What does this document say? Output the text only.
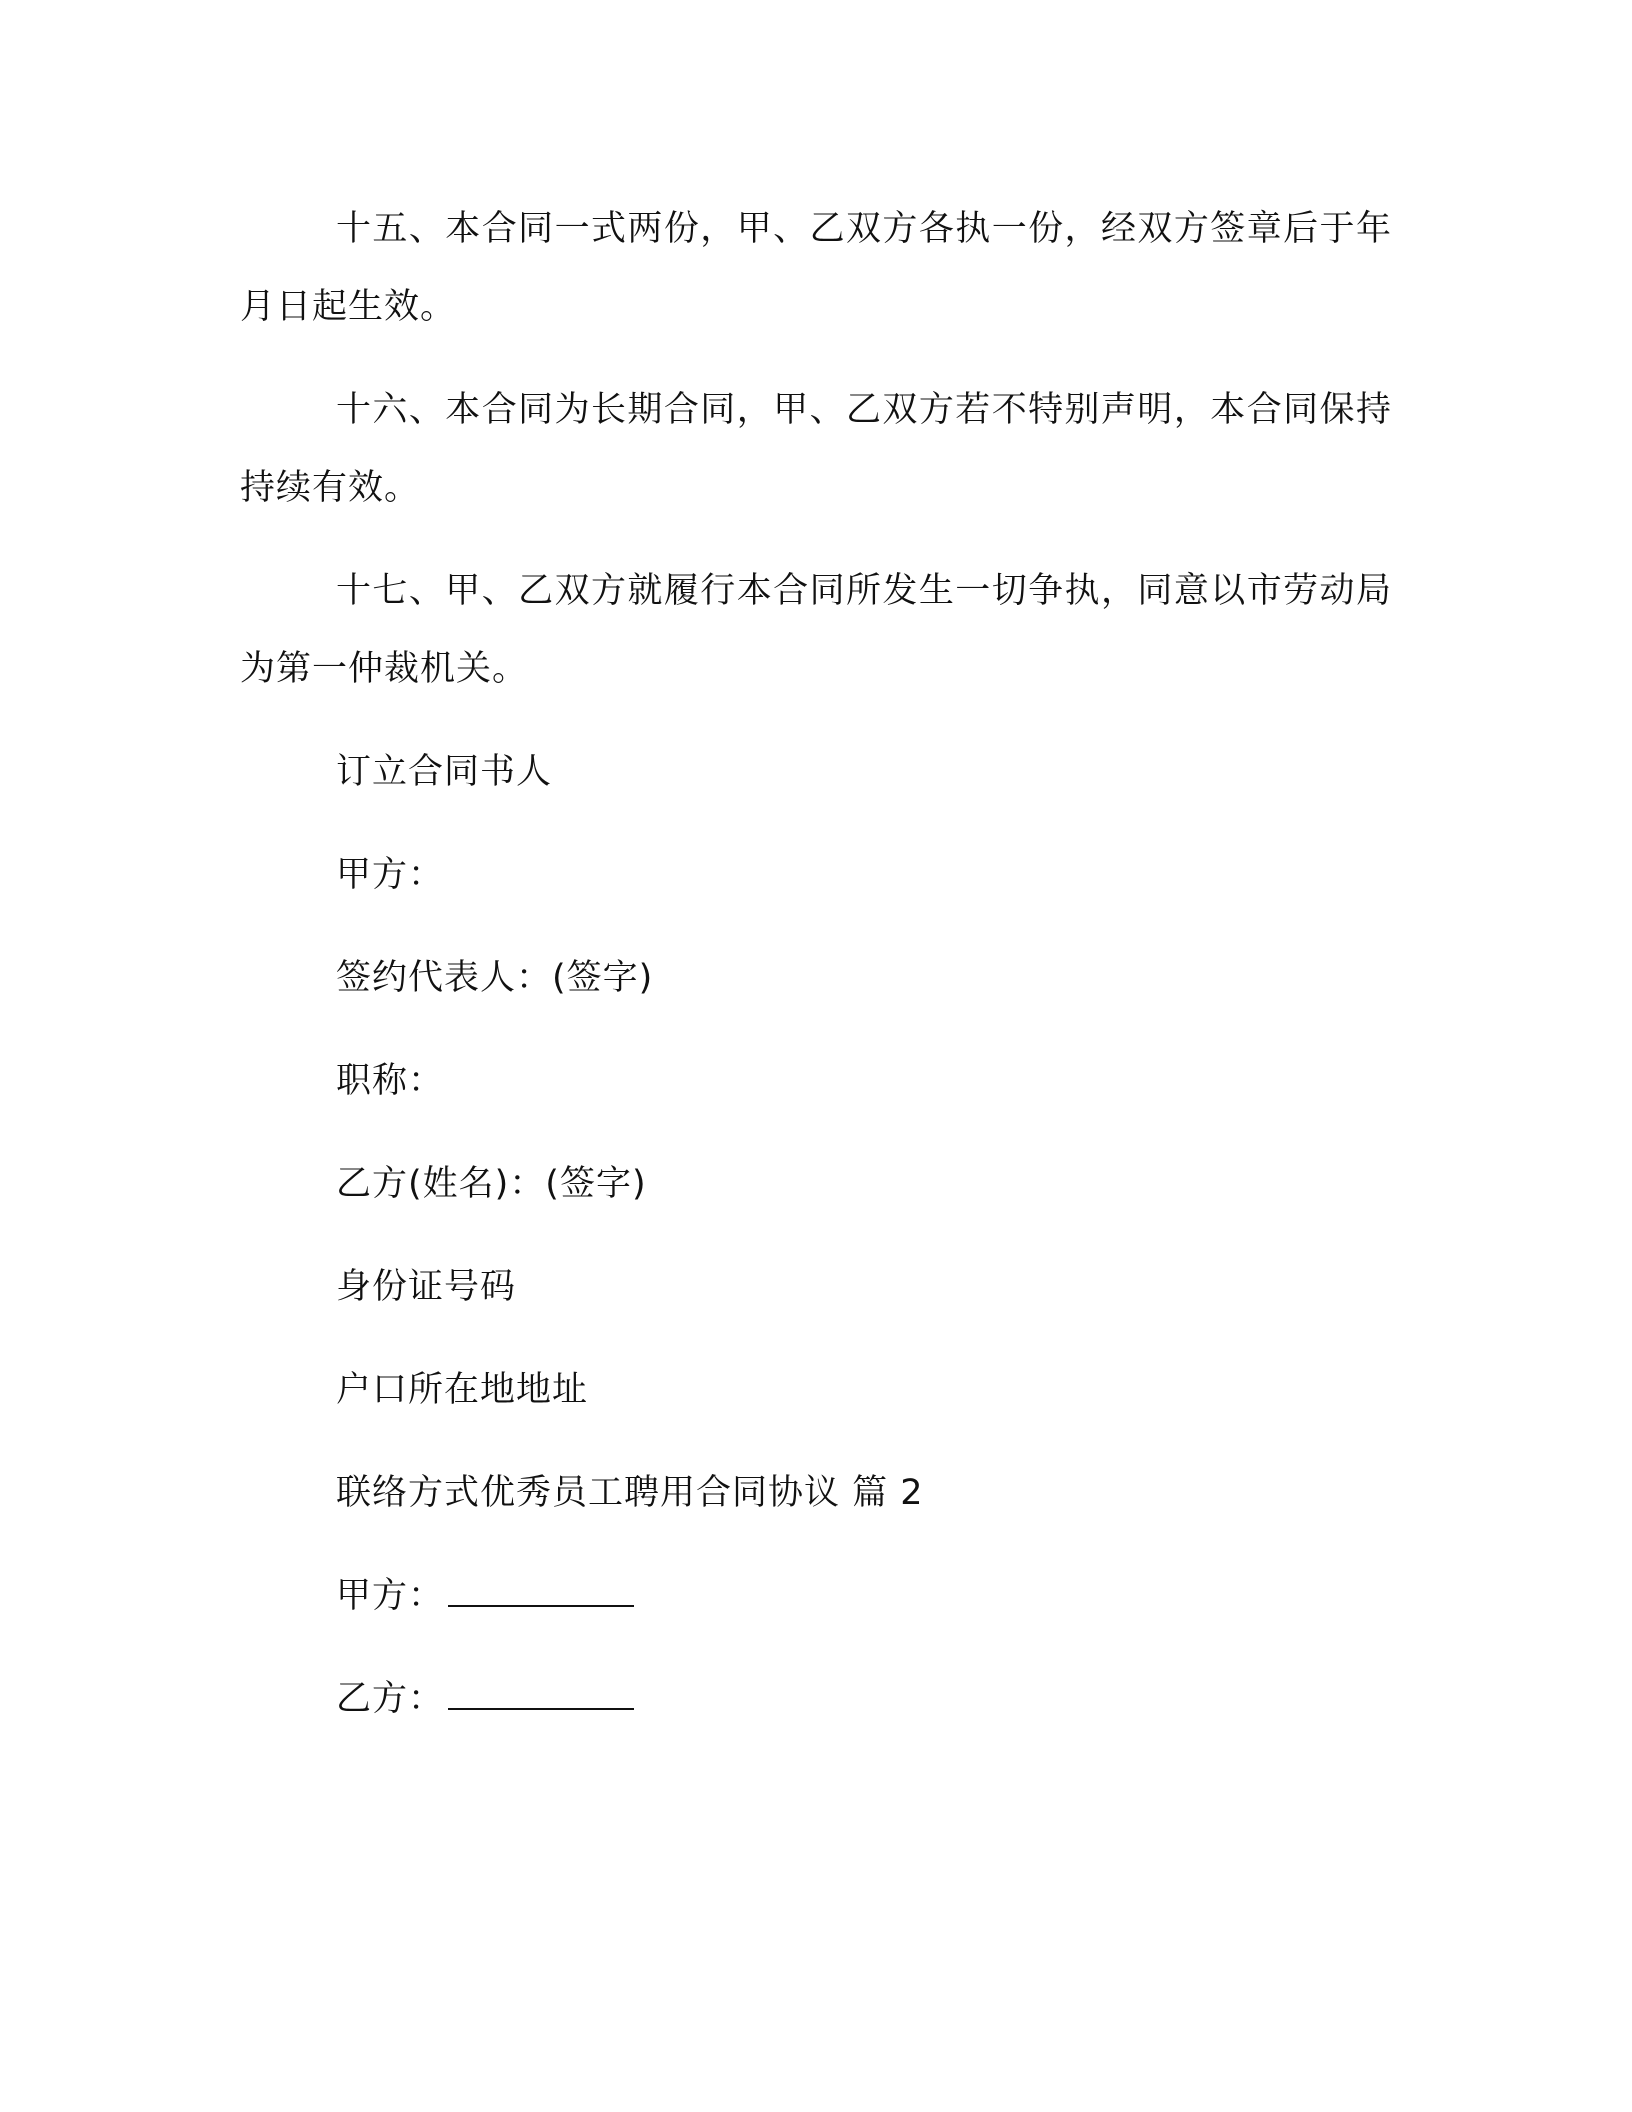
十五、本合同一式两份，甲、乙双方各执一份，经双方签章后于年月日起生效。

十六、本合同为长期合同，甲、乙双方若不特别声明，本合同保持持续有效。

十七、甲、乙双方就履行本合同所发生一切争执，同意以市劳动局为第一仲裁机关。

订立合同书人

甲方：

签约代表人：(签字)

职称：

乙方(姓名)：(签字)

身份证号码

户口所在地地址

联络方式优秀员工聘用合同协议 篇 2

甲方：

乙方：
